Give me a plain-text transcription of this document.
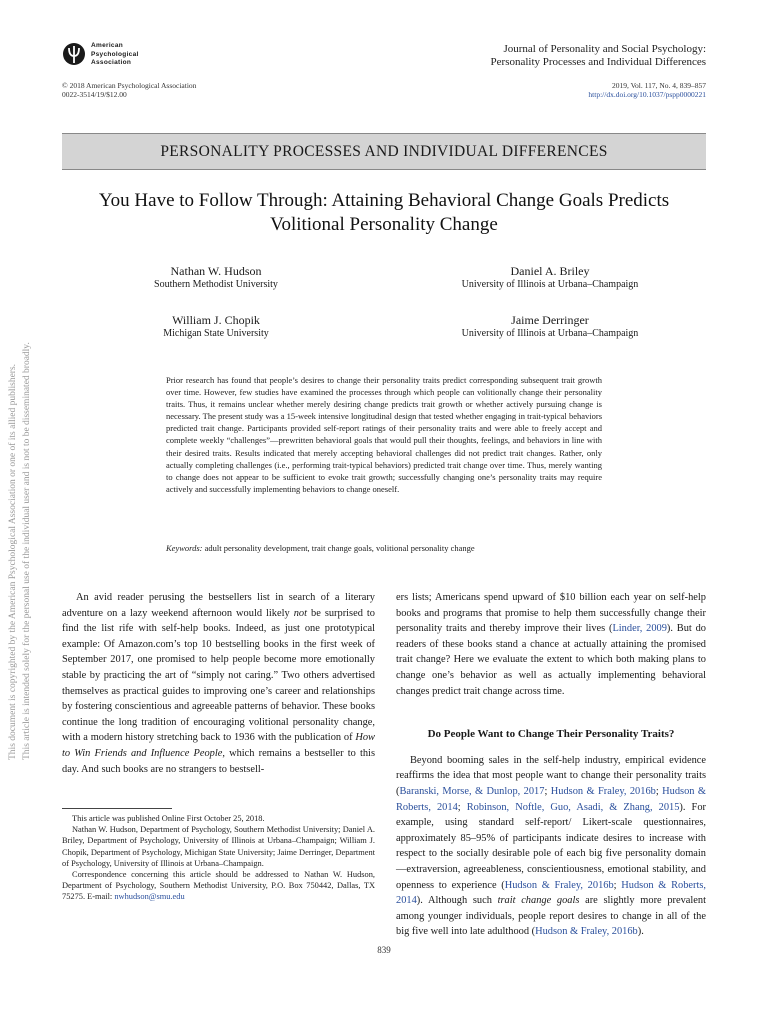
American
Psychological
Association
© 2018 American Psychological Association
0022-3514/19/$12.00
Journal of Personality and Social Psychology:
Personality Processes and Individual Differences
2019, Vol. 117, No. 4, 839–857
http://dx.doi.org/10.1037/pspp0000221
PERSONALITY PROCESSES AND INDIVIDUAL DIFFERENCES
You Have to Follow Through: Attaining Behavioral Change Goals Predicts
Volitional Personality Change
Nathan W. Hudson
Southern Methodist University
Daniel A. Briley
University of Illinois at Urbana–Champaign
William J. Chopik
Michigan State University
Jaime Derringer
University of Illinois at Urbana–Champaign
Prior research has found that people’s desires to change their personality traits predict corresponding subsequent trait growth over time. However, few studies have examined the processes through which people can volitionally change their personality traits. Thus, it remains unclear whether merely desiring change predicts trait growth or whether actively pursuing change is necessary. The present study was a 15-week intensive longitudinal design that tested whether engaging in trait-typical behaviors predicted trait change. Participants provided self-report ratings of their personality traits and were able to freely accept and complete weekly “challenges”—prewritten behavioral goals that would pull their thoughts, feelings, and behaviors in line with their desired traits. Results indicated that merely accepting behavioral challenges did not predict trait changes. Rather, only actually completing challenges (i.e., performing trait-typical behaviors) predicted trait change over time. Thus, merely wanting to change does not appear to be sufficient to evoke trait growth; successfully changing one’s personality traits may require actively and successfully implementing behaviors to change oneself.
Keywords: adult personality development, trait change goals, volitional personality change
This document is copyrighted by the American Psychological Association or one of its allied publishers. This article is intended solely for the personal use of the individual user and is not to be disseminated broadly.	An avid reader perusing the bestsellers list in search of a literary adventure on a lazy weekend afternoon would likely not be surprised to find the list rife with self-help books. Indeed, as just one prototypical example: Of Amazon.com’s top 10 bestselling books in the first week of September 2017, one promised to help people become more emotionally stable by practicing the art of “simply not caring.” Two others advertised themselves as practical guides to improving one’s career and relationships by fostering conscientious and agreeable patterns of behavior. These books continue the long tradition of encouraging volitional personality change, with a modern history stretching back to 1936 with the publication of How to Win Friends and Influence People, which remains a bestseller to this day. And such books are no strangers to bestsell-

ers lists; Americans spend upward of $10 billion each year on self-help books and programs that promise to help them successfully change their personality traits and thereby improve their lives (Linder, 2009). But do readers of these books stand a chance at actually attaining the promised trait change? Here we evaluate the extent to which both making plans to change one’s behavior as well as actually implementing behavioral changes predict trait change across time.

Do People Want to Change Their Personality Traits?

Beyond booming sales in the self-help industry, empirical evidence reaffirms the idea that most people want to change their personality traits (Baranski, Morse, & Dunlop, 2017; Hudson & Fraley, 2016b; Hudson & Roberts, 2014; Robinson, Noftle, Guo, Asadi, & Zhang, 2015). For example, using standard self-report/ Likert-scale questionnaires, approximately 85–95% of participants indicate desires to increase with respect to the socially desirable pole of each big five personality domain—extraversion, agreeableness, conscientiousness, emotional stability, and openness to experience (Hudson & Fraley, 2016b; Hudson & Roberts, 2014). Although such trait change goals are slightly more prevalent among younger individuals, people report desires to change in all of the big five well into late adulthood (Hudson & Fraley, 2016b).

This article was published Online First October 25, 2018.

Nathan W. Hudson, Department of Psychology, Southern Methodist University; Daniel A. Briley, Department of Psychology, University of Illinois at Urbana–Champaign; William J. Chopik, Department of Psychology, Michigan State University; Jaime Derringer, Department of Psychology, University of Illinois at Urbana–Champaign.

Correspondence concerning this article should be addressed to Nathan W. Hudson, Department of Psychology, Southern Methodist University, P.O. Box 750442, Dallas, TX 75275. E-mail: nwhudson@smu.edu

839
